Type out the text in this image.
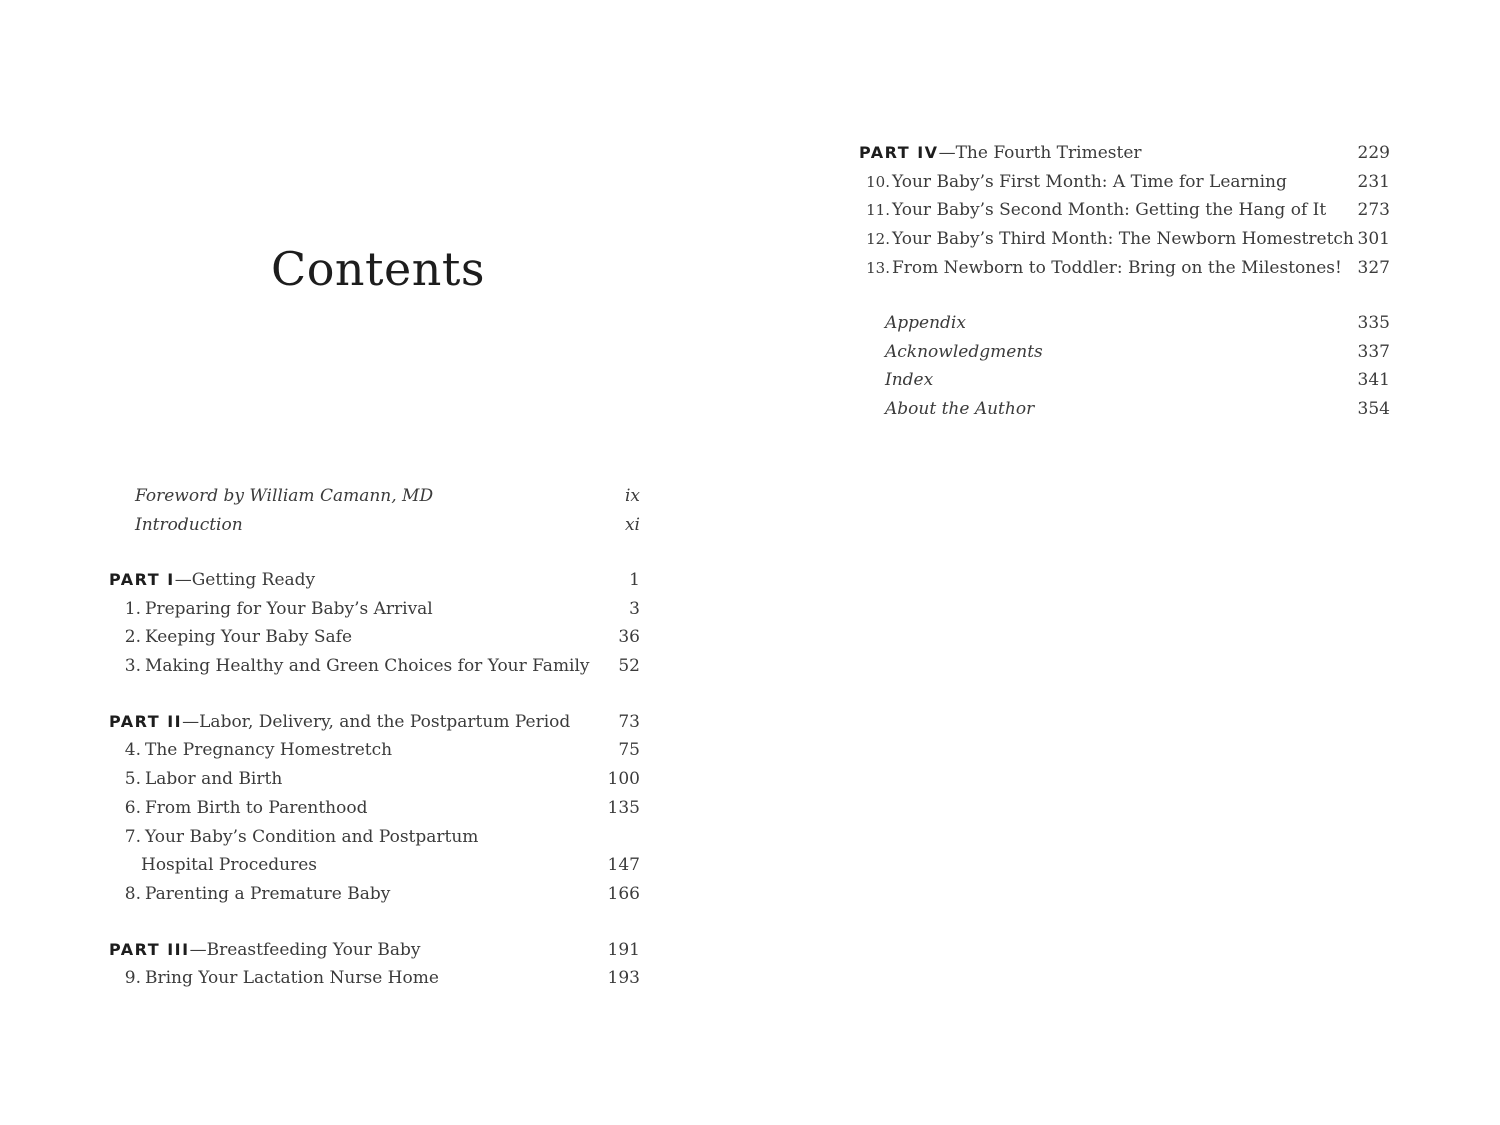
Contents
Foreword by William Camann, MD	ix
Introduction	xi
PART I—Getting Ready	1
1. Preparing for Your Baby’s Arrival	3
2. Keeping Your Baby Safe	36
3. Making Healthy and Green Choices for Your Family 52
PART II—Labor, Delivery, and the Postpartum Period	73
4. The Pregnancy Homestretch	75
5. Labor and Birth	100
6. From Birth to Parenthood	135
7. Your Baby’s Condition and Postpartum
Hospital Procedures	147
8. Parenting a Premature Baby	166
PART III—Breastfeeding Your Baby	191
9. Bring Your Lactation Nurse Home	193
PART IV—The Fourth Trimester	229
10. Your Baby’s First Month: A Time for Learning	231
11. Your Baby’s Second Month: Getting the Hang of It 273
12. Your Baby’s Third Month: The Newborn Homestretch 301
13. From Newborn to Toddler: Bring on the Milestones! 327
Appendix	335
Acknowledgments	337
Index	341
About the Author	354
